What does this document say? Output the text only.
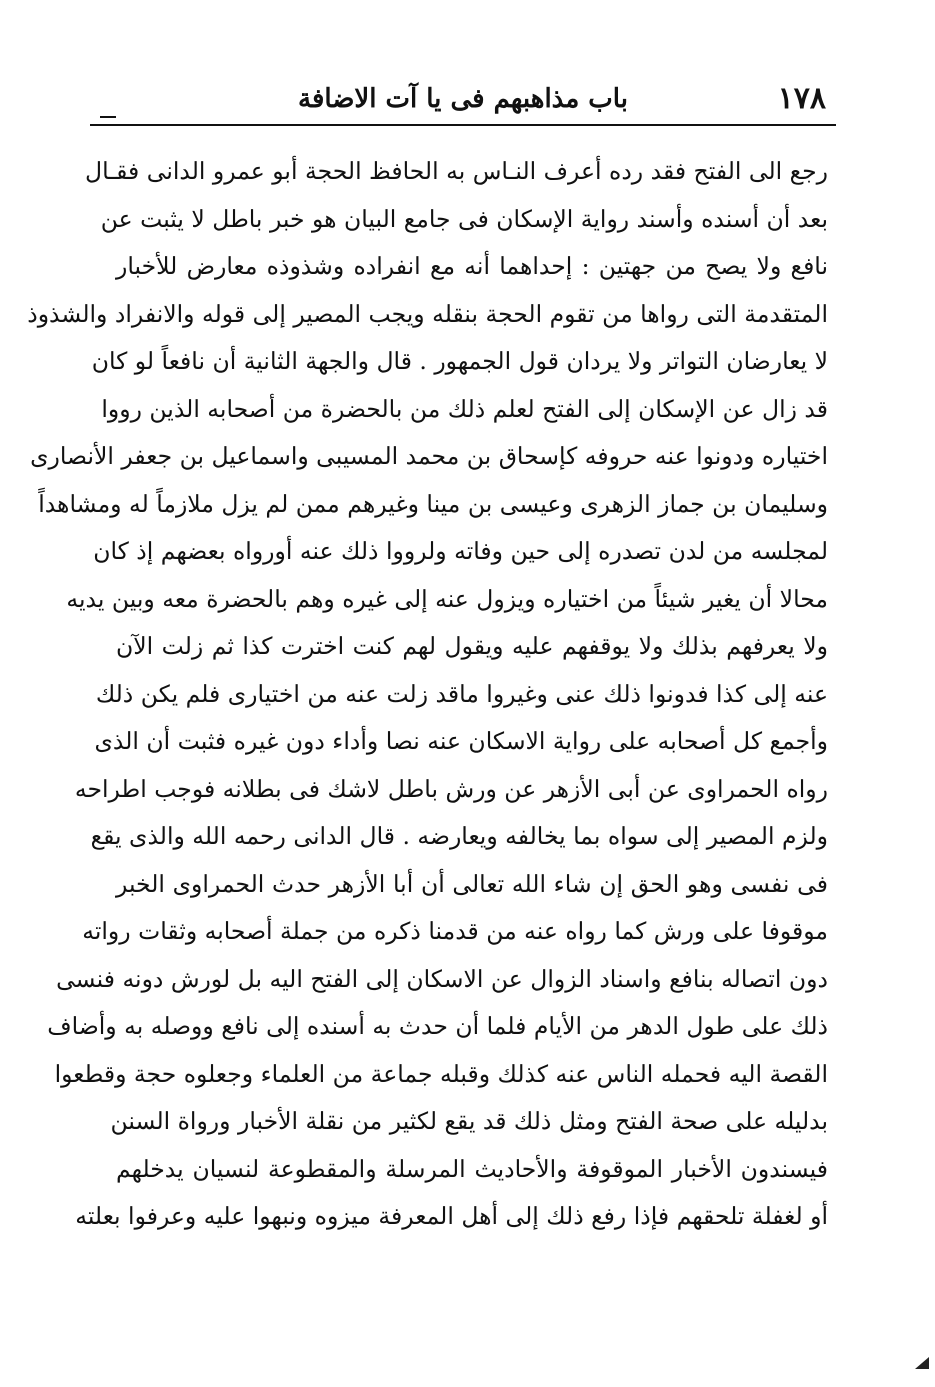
١٧٨
باب مذاهبهم فى يا آت الاضافة
رجع الى الفتح فقد رده أعرف النـاس به الحافظ الحجة أبو عمرو الدانى فقـال
بعد أن أسنده وأسند رواية الإسكان فى جامع البيان هو خبر باطل لا يثبت عن
نافع ولا يصح من جهتين : إحداهما أنه مع انفراده وشذوذه معارض للأخبار
المتقدمة التى رواها من تقوم الحجة بنقله ويجب المصير إلى قوله والانفراد والشذوذ
لا يعارضان التواتر ولا يردان قول الجمهور . قال والجهة الثانية أن نافعاً لو كان
قد زال عن الإسكان إلى الفتح لعلم ذلك من بالحضرة من أصحابه الذين رووا
اختياره ودونوا عنه حروفه كإسحاق بن محمد المسيبى واسماعيل بن جعفر الأنصارى
وسليمان بن جماز الزهرى وعيسى بن مينا وغيرهم ممن لم يزل ملازماً له ومشاهداً
لمجلسه من لدن تصدره إلى حين وفاته ولرووا ذلك عنه أورواه بعضهم إذ كان
محالا أن يغير شيئاً من اختياره ويزول عنه إلى غيره وهم بالحضرة معه وبين يديه
ولا يعرفهم بذلك ولا يوقفهم عليه ويقول لهم كنت اخترت كذا ثم زلت الآن
عنه إلى كذا فدونوا ذلك عنى وغيروا ماقد زلت عنه من اختيارى فلم يكن ذلك
وأجمع كل أصحابه على رواية الاسكان عنه نصا وأداء دون غيره فثبت أن الذى
رواه الحمراوى عن أبى الأزهر عن ورش باطل لاشك فى بطلانه فوجب اطراحه
ولزم المصير إلى سواه بما يخالفه ويعارضه . قال الدانى رحمه الله والذى يقع
فى نفسى وهو الحق إن شاء الله تعالى أن أبا الأزهر حدث الحمراوى الخبر
موقوفا على ورش كما رواه عنه من قدمنا ذكره من جملة أصحابه وثقات رواته
دون اتصاله بنافع واسناد الزوال عن الاسكان إلى الفتح اليه بل لورش دونه فنسى
ذلك على طول الدهر من الأيام فلما أن حدث به أسنده إلى نافع ووصله به وأضاف
القصة اليه فحمله الناس عنه كذلك وقبله جماعة من العلماء وجعلوه حجة وقطعوا
بدليله على صحة الفتح ومثل ذلك قد يقع لكثير من نقلة الأخبار ورواة السنن
فيسندون الأخبار الموقوفة والأحاديث المرسلة والمقطوعة لنسيان يدخلهم
أو لغفلة تلحقهم فإذا رفع ذلك إلى أهل المعرفة ميزوه ونبهوا عليه وعرفوا بعلته
